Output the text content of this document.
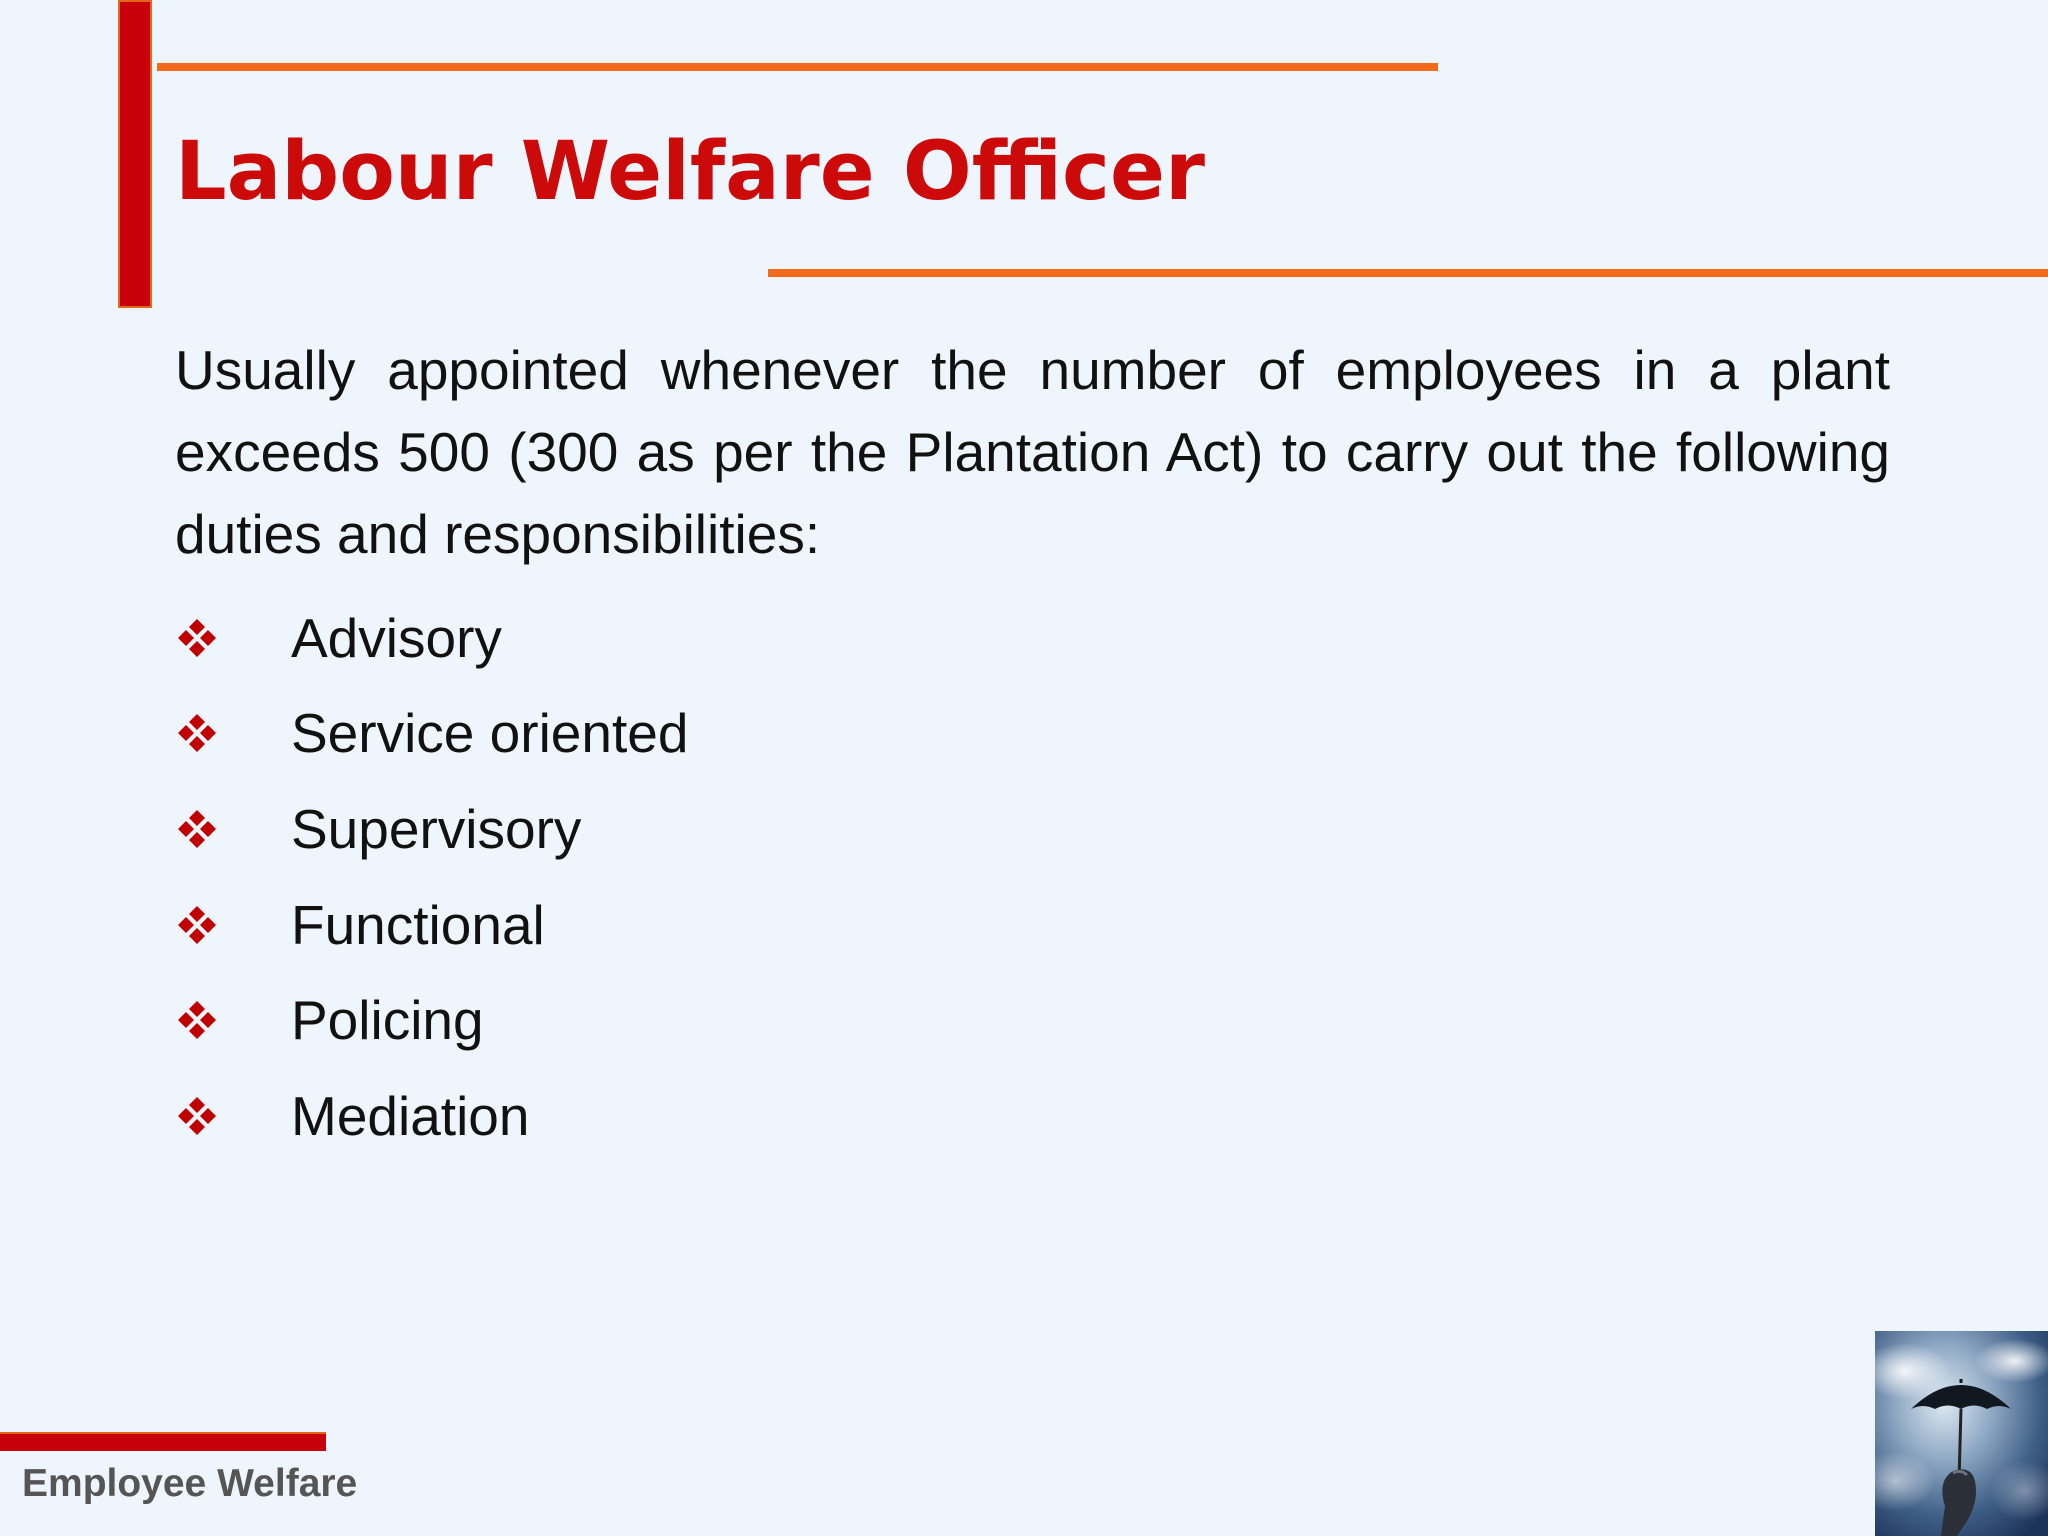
Labour Welfare Officer

Usually appointed whenever the number of employees in a plant exceeds 500 (300 as per the Plantation Act) to carry out the following duties and responsibilities:

Advisory
Service oriented
Supervisory
Functional
Policing
Mediation
Employee Welfare
